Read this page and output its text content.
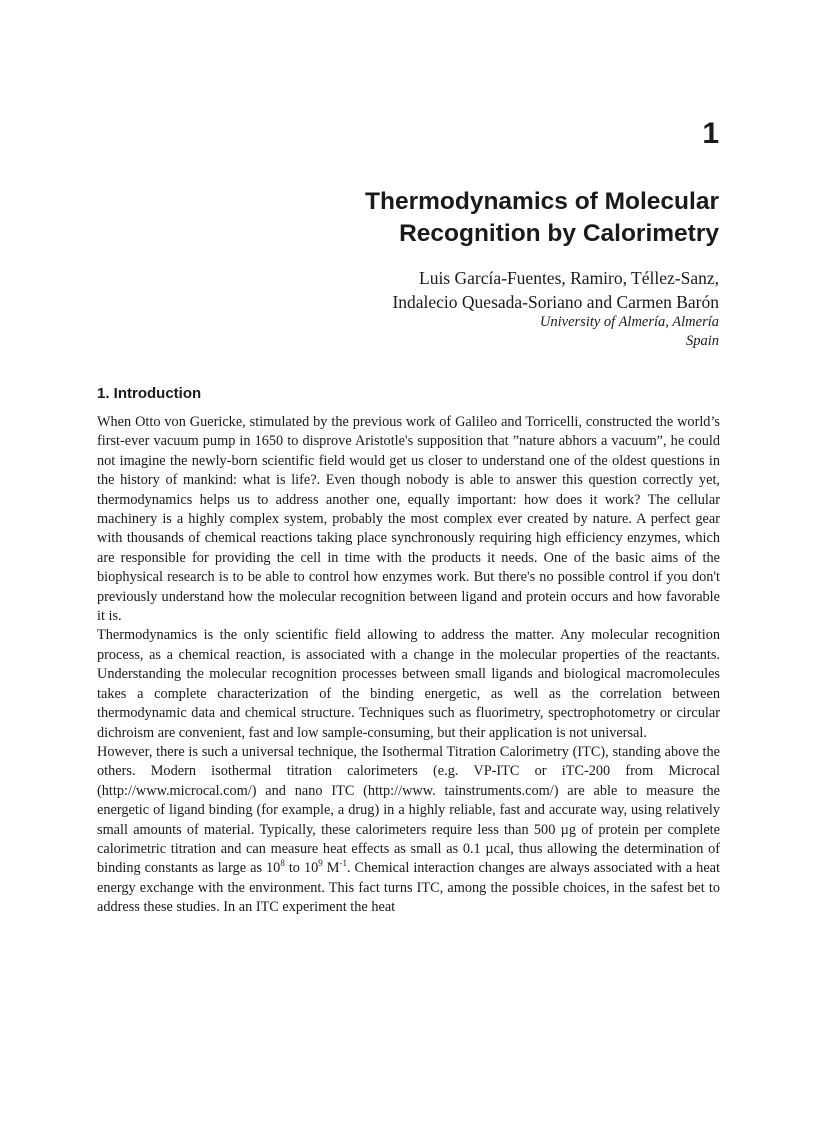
1
Thermodynamics of Molecular
Recognition by Calorimetry
Luis García-Fuentes, Ramiro, Téllez-Sanz,
Indalecio Quesada-Soriano and Carmen Barón
University of Almería, Almería
Spain
1. Introduction

When Otto von Guericke, stimulated by the previous work of Galileo and Torricelli, constructed the world’s first-ever vacuum pump in 1650 to disprove Aristotle's supposition that ”nature abhors a vacuum”, he could not imagine the newly-born scientific field would get us closer to understand one of the oldest questions in the history of mankind: what is life?. Even though nobody is able to answer this question correctly yet, thermodynamics helps us to address another one, equally important: how does it work? The cellular machinery is a highly complex system, probably the most complex ever created by nature. A perfect gear with thousands of chemical reactions taking place synchronously requiring high efficiency enzymes, which are responsible for providing the cell in time with the products it needs. One of the basic aims of the biophysical research is to be able to control how enzymes work. But there's no possible control if you don't previously understand how the molecular recognition between ligand and protein occurs and how favorable it is.

Thermodynamics is the only scientific field allowing to address the matter. Any molecular recognition process, as a chemical reaction, is associated with a change in the molecular properties of the reactants. Understanding the molecular recognition processes between small ligands and biological macromolecules takes a complete characterization of the binding energetic, as well as the correlation between thermodynamic data and chemical structure. Techniques such as fluorimetry, spectrophotometry or circular dichroism are convenient, fast and low sample-consuming, but their application is not universal.

However, there is such a universal technique, the Isothermal Titration Calorimetry (ITC), standing above the others. Modern isothermal titration calorimeters (e.g. VP-ITC or iTC-200 from Microcal (http://www.microcal.com/) and nano ITC (http://www. tainstruments.com/) are able to measure the energetic of ligand binding (for example, a drug) in a highly reliable, fast and accurate way, using relatively small amounts of material. Typically, these calorimeters require less than 500 µg of protein per complete calorimetric titration and can measure heat effects as small as 0.1 µcal, thus allowing the determination of binding constants as large as $10^8$ to $10^9$ $M^{-1}$. Chemical interaction changes are always associated with a heat energy exchange with the environment. This fact turns ITC, among the possible choices, in the safest bet to address these studies. In an ITC experiment the heat
